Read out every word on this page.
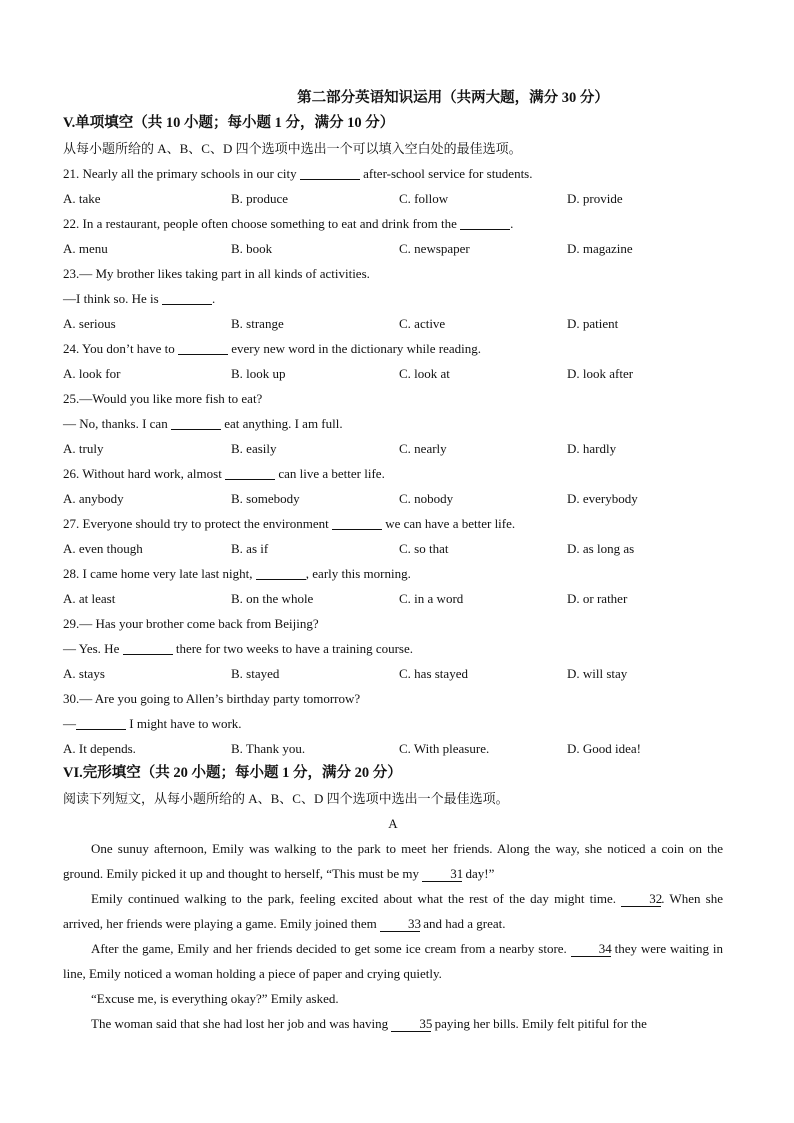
第二部分英语知识运用（共两大题，满分 30 分）
V.单项填空（共 10 小题；每小题 1 分，满分 10 分）
从每小题所给的 A、B、C、D 四个选项中选出一个可以填入空白处的最佳选项。
21. Nearly all the primary schools in our city	after-school service for students.
A. take	B. produce	C. follow	D. provide
22. In a restaurant, people often choose something to eat and drink from the	.
A. menu	B. book	C. newspaper	D. magazine
23.— My brother likes taking part in all kinds of activities.
—I think so. He is	.
A. serious	B. strange	C. active	D. patient
24. You don’t have to	every new word in the dictionary while reading.
A. look for	B. look up	C. look at	D. look after
25.—Would you like more fish to eat?
— No, thanks. I can	eat anything. I am full.
A. truly	B. easily	C. nearly	D. hardly
26. Without hard work, almost	can live a better life.
A. anybody	B. somebody	C. nobody	D. everybody
27. Everyone should try to protect the environment	we can have a better life.
A. even though	B. as if	C. so that	D. as long as
28. I came home very late last night,	, early this morning.
A. at least	B. on the whole	C. in a word	D. or rather
29.— Has your brother come back from Beijing?
— Yes. He	there for two weeks to have a training course.
A. stays	B. stayed	C. has stayed	D. will stay
30.— Are you going to Allen’s birthday party tomorrow?
—	I might have to work.
A. It depends.	B. Thank you.	C. With pleasure.	D. Good idea!
VI.完形填空（共 20 小题；每小题 1 分，满分 20 分）
阅读下列短文，从每小题所给的 A、B、C、D 四个选项中选出一个最佳选项。
A
One sunuy afternoon, Emily was walking to the park to meet her friends. Along the way, she noticed a coin on the ground. Emily picked it up and thought to herself, “This must be my 31 day!”
Emily continued walking to the park, feeling excited about what the rest of the day might time. 32. When she arrived, her friends were playing a game. Emily joined them 33 and had a great.
After the game, Emily and her friends decided to get some ice cream from a nearby store. 34 they were waiting in line, Emily noticed a woman holding a piece of paper and crying quietly.
“Excuse me, is everything okay?” Emily asked.
The woman said that she had lost her job and was having 35 paying her bills. Emily felt pitiful for the
